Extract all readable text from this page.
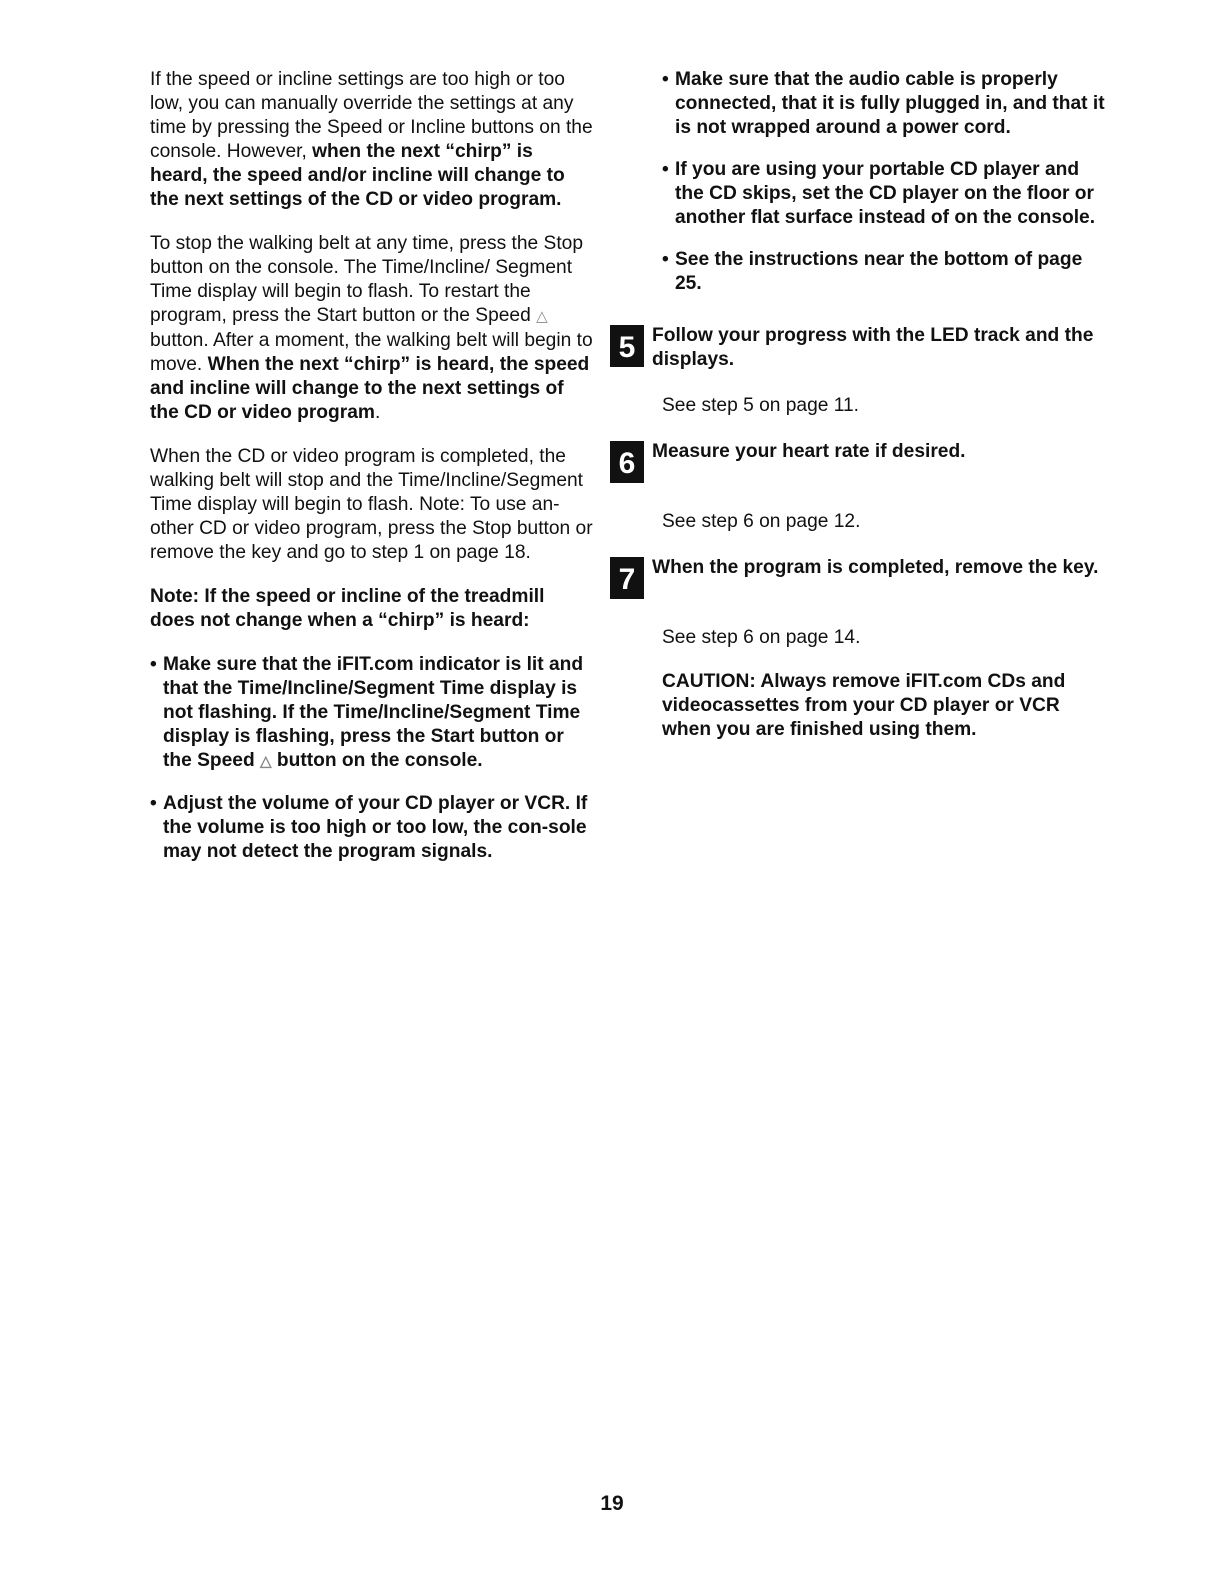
If the speed or incline settings are too high or too low, you can manually override the settings at any time by pressing the Speed or Incline buttons on the console. However, when the next “chirp” is heard, the speed and/or incline will change to the next settings of the CD or video program.

To stop the walking belt at any time, press the Stop button on the console. The Time/Incline/ Segment Time display will begin to flash. To restart the program, press the Start button or the Speed △ button. After a moment, the walking belt will begin to move. When the next “chirp” is heard, the speed and incline will change to the next settings of the CD or video program.

When the CD or video program is completed, the walking belt will stop and the Time/Incline/Segment Time display will begin to flash. Note: To use an-other CD or video program, press the Stop button or remove the key and go to step 1 on page 18.

Note: If the speed or incline of the treadmill does not change when a “chirp” is heard:

• Make sure that the iFIT.com indicator is lit and that the Time/Incline/Segment Time display is not flashing. If the Time/Incline/Segment Time display is flashing, press the Start button or the Speed △ button on the console.
• Adjust the volume of your CD player or VCR. If the volume is too high or too low, the con-sole may not detect the program signals.
• Make sure that the audio cable is properly connected, that it is fully plugged in, and that it is not wrapped around a power cord.
• If you are using your portable CD player and the CD skips, set the CD player on the floor or another flat surface instead of on the console.
• See the instructions near the bottom of page 25.
5 Follow your progress with the LED track and the displays.

See step 5 on page 11.

6 Measure your heart rate if desired.

See step 6 on page 12.

7 When the program is completed, remove the key.

See step 6 on page 14.

CAUTION: Always remove iFIT.com CDs and videocassettes from your CD player or VCR when you are finished using them.

19
